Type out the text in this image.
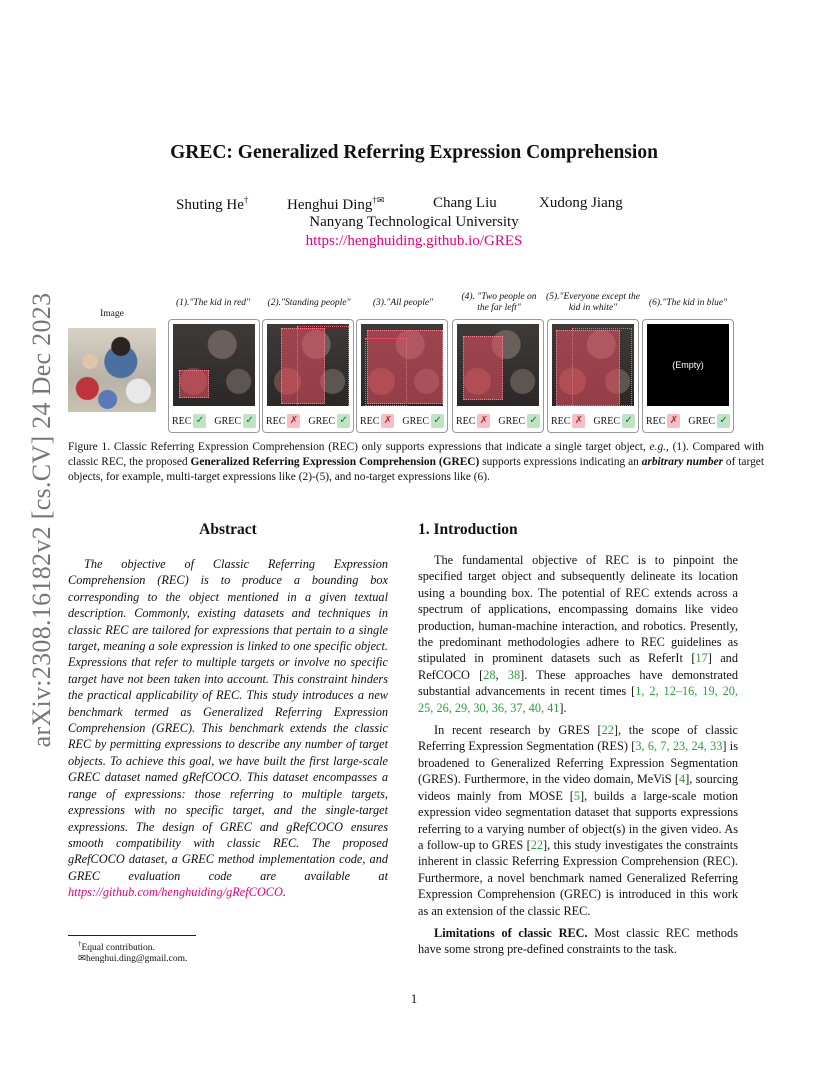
arXiv:2308.16182v2 [cs.CV] 24 Dec 2023
GREC: Generalized Referring Expression Comprehension
Shuting He†	Henghui Ding†✉	Chang Liu	Xudong Jiang
Nanyang Technological University
https://henghuiding.github.io/GRES
Image
(1)."The kid in red"	(2)."Standing people"	(3)."All people"
(4). "Two people on the far left"
(5)."Everyone except the kid in white"	(6)."The kid in blue"
REC ✓ GREC ✓ REC ✗ GREC ✓ REC ✗ GREC ✓ REC ✗ GREC ✓ REC ✗ GREC ✓
(Empty)
REC ✗ GREC ✓
Figure 1. Classic Referring Expression Comprehension (REC) only supports expressions that indicate a single target object, e.g., (1). Compared with classic REC, the proposed Generalized Referring Expression Comprehension (GREC) supports expressions indicating an arbitrary number of target objects, for example, multi-target expressions like (2)-(5), and no-target expressions like (6).
Abstract

The objective of Classic Referring Expression Comprehension (REC) is to produce a bounding box corresponding to the object mentioned in a given textual description. Commonly, existing datasets and techniques in classic REC are tailored for expressions that pertain to a single target, meaning a sole expression is linked to one specific object. Expressions that refer to multiple targets or involve no specific target have not been taken into account. This constraint hinders the practical applicability of REC. This study introduces a new benchmark termed as Generalized Referring Expression Comprehension (GREC). This benchmark extends the classic REC by permitting expressions to describe any number of target objects. To achieve this goal, we have built the first large-scale GREC dataset named gRefCOCO. This dataset encompasses a range of expressions: those referring to multiple targets, expressions with no specific target, and the single-target expressions. The design of GREC and gRefCOCO ensures smooth compatibility with classic REC. The proposed gRefCOCO dataset, a GREC method implementation code, and GREC evaluation code are available at https://github.com/henghuiding/gRefCOCO.

1. Introduction

The fundamental objective of REC is to pinpoint the specified target object and subsequently delineate its location using a bounding box. The potential of REC extends across a spectrum of applications, encompassing domains like video production, human-machine interaction, and robotics. Presently, the predominant methodologies adhere to REC guidelines as stipulated in prominent datasets such as ReferIt [17] and RefCOCO [28, 38]. These approaches have demonstrated substantial advancements in recent times [1, 2, 12–16, 19, 20, 25, 26, 29, 30, 36, 37, 40, 41].

In recent research by GRES [22], the scope of classic Referring Expression Segmentation (RES) [3, 6, 7, 23, 24, 33] is broadened to Generalized Referring Expression Segmentation (GRES). Furthermore, in the video domain, MeViS [4], sourcing videos mainly from MOSE [5], builds a large-scale motion expression video segmentation dataset that supports expressions referring to a varying number of object(s) in the given video. As a follow-up to GRES [22], this study investigates the constraints inherent in classic Referring Expression Comprehension (REC). Furthermore, a novel benchmark named Generalized Referring Expression Comprehension (GREC) is introduced in this work as an extension of the classic REC.

Limitations of classic REC. Most classic REC methods have some strong pre-defined constraints to the task.

†Equal contribution.
✉henghui.ding@gmail.com.
1
